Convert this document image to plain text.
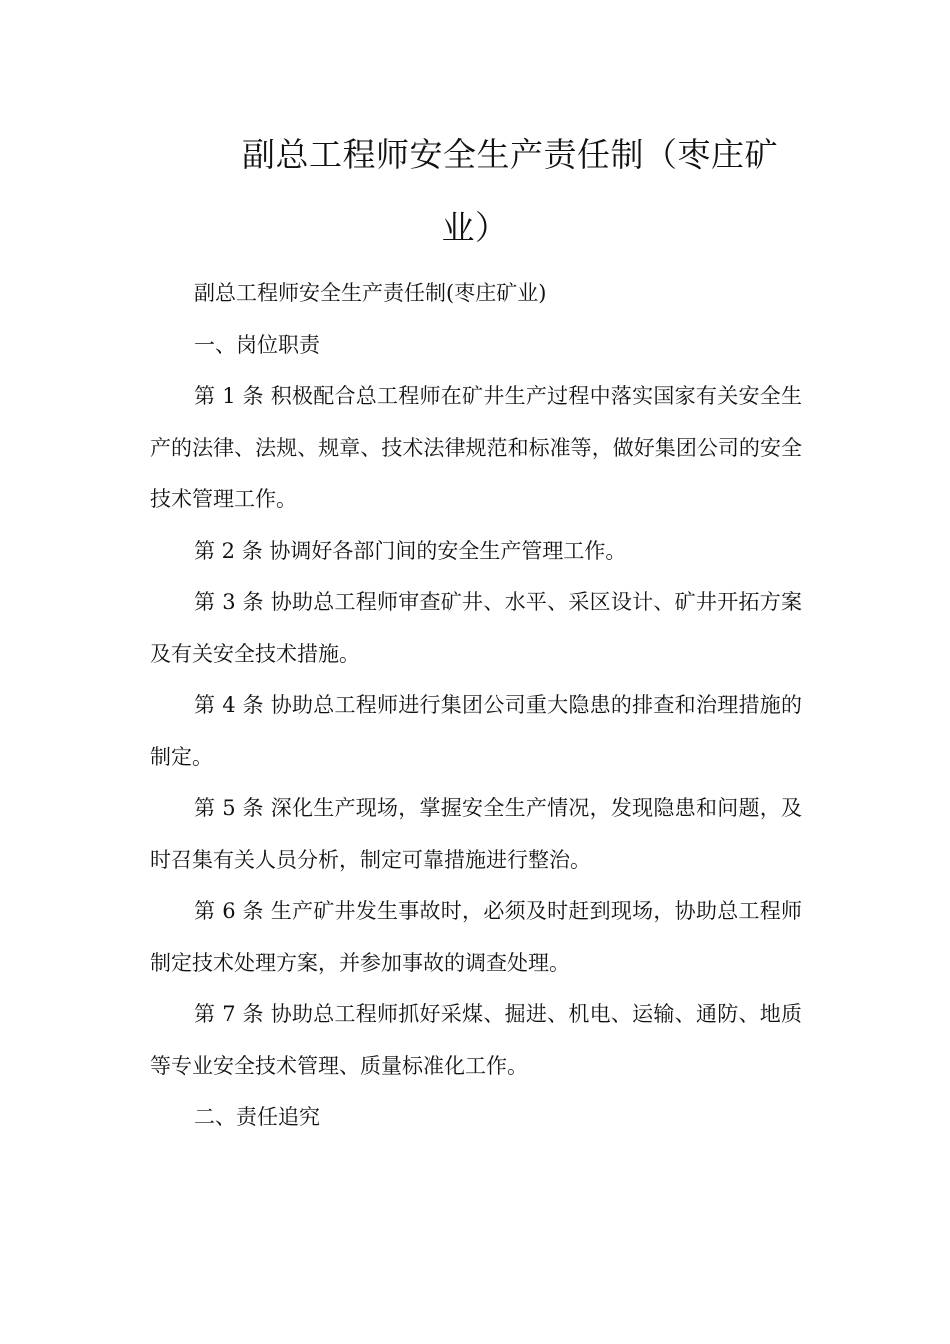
副总工程师安全生产责任制（枣庄矿
业）

副总工程师安全生产责任制(枣庄矿业)

一、岗位职责

第 1 条 积极配合总工程师在矿井生产过程中落实国家有关安全生产的法律、法规、规章、技术法律规范和标准等，做好集团公司的安全技术管理工作。

第 2 条 协调好各部门间的安全生产管理工作。

第 3 条 协助总工程师审查矿井、水平、采区设计、矿井开拓方案及有关安全技术措施。

第 4 条 协助总工程师进行集团公司重大隐患的排查和治理措施的制定。

第 5 条 深化生产现场，掌握安全生产情况，发现隐患和问题，及时召集有关人员分析，制定可靠措施进行整治。

第 6 条 生产矿井发生事故时，必须及时赶到现场，协助总工程师制定技术处理方案，并参加事故的调查处理。

第 7 条 协助总工程师抓好采煤、掘进、机电、运输、通防、地质等专业安全技术管理、质量标准化工作。

二、责任追究
